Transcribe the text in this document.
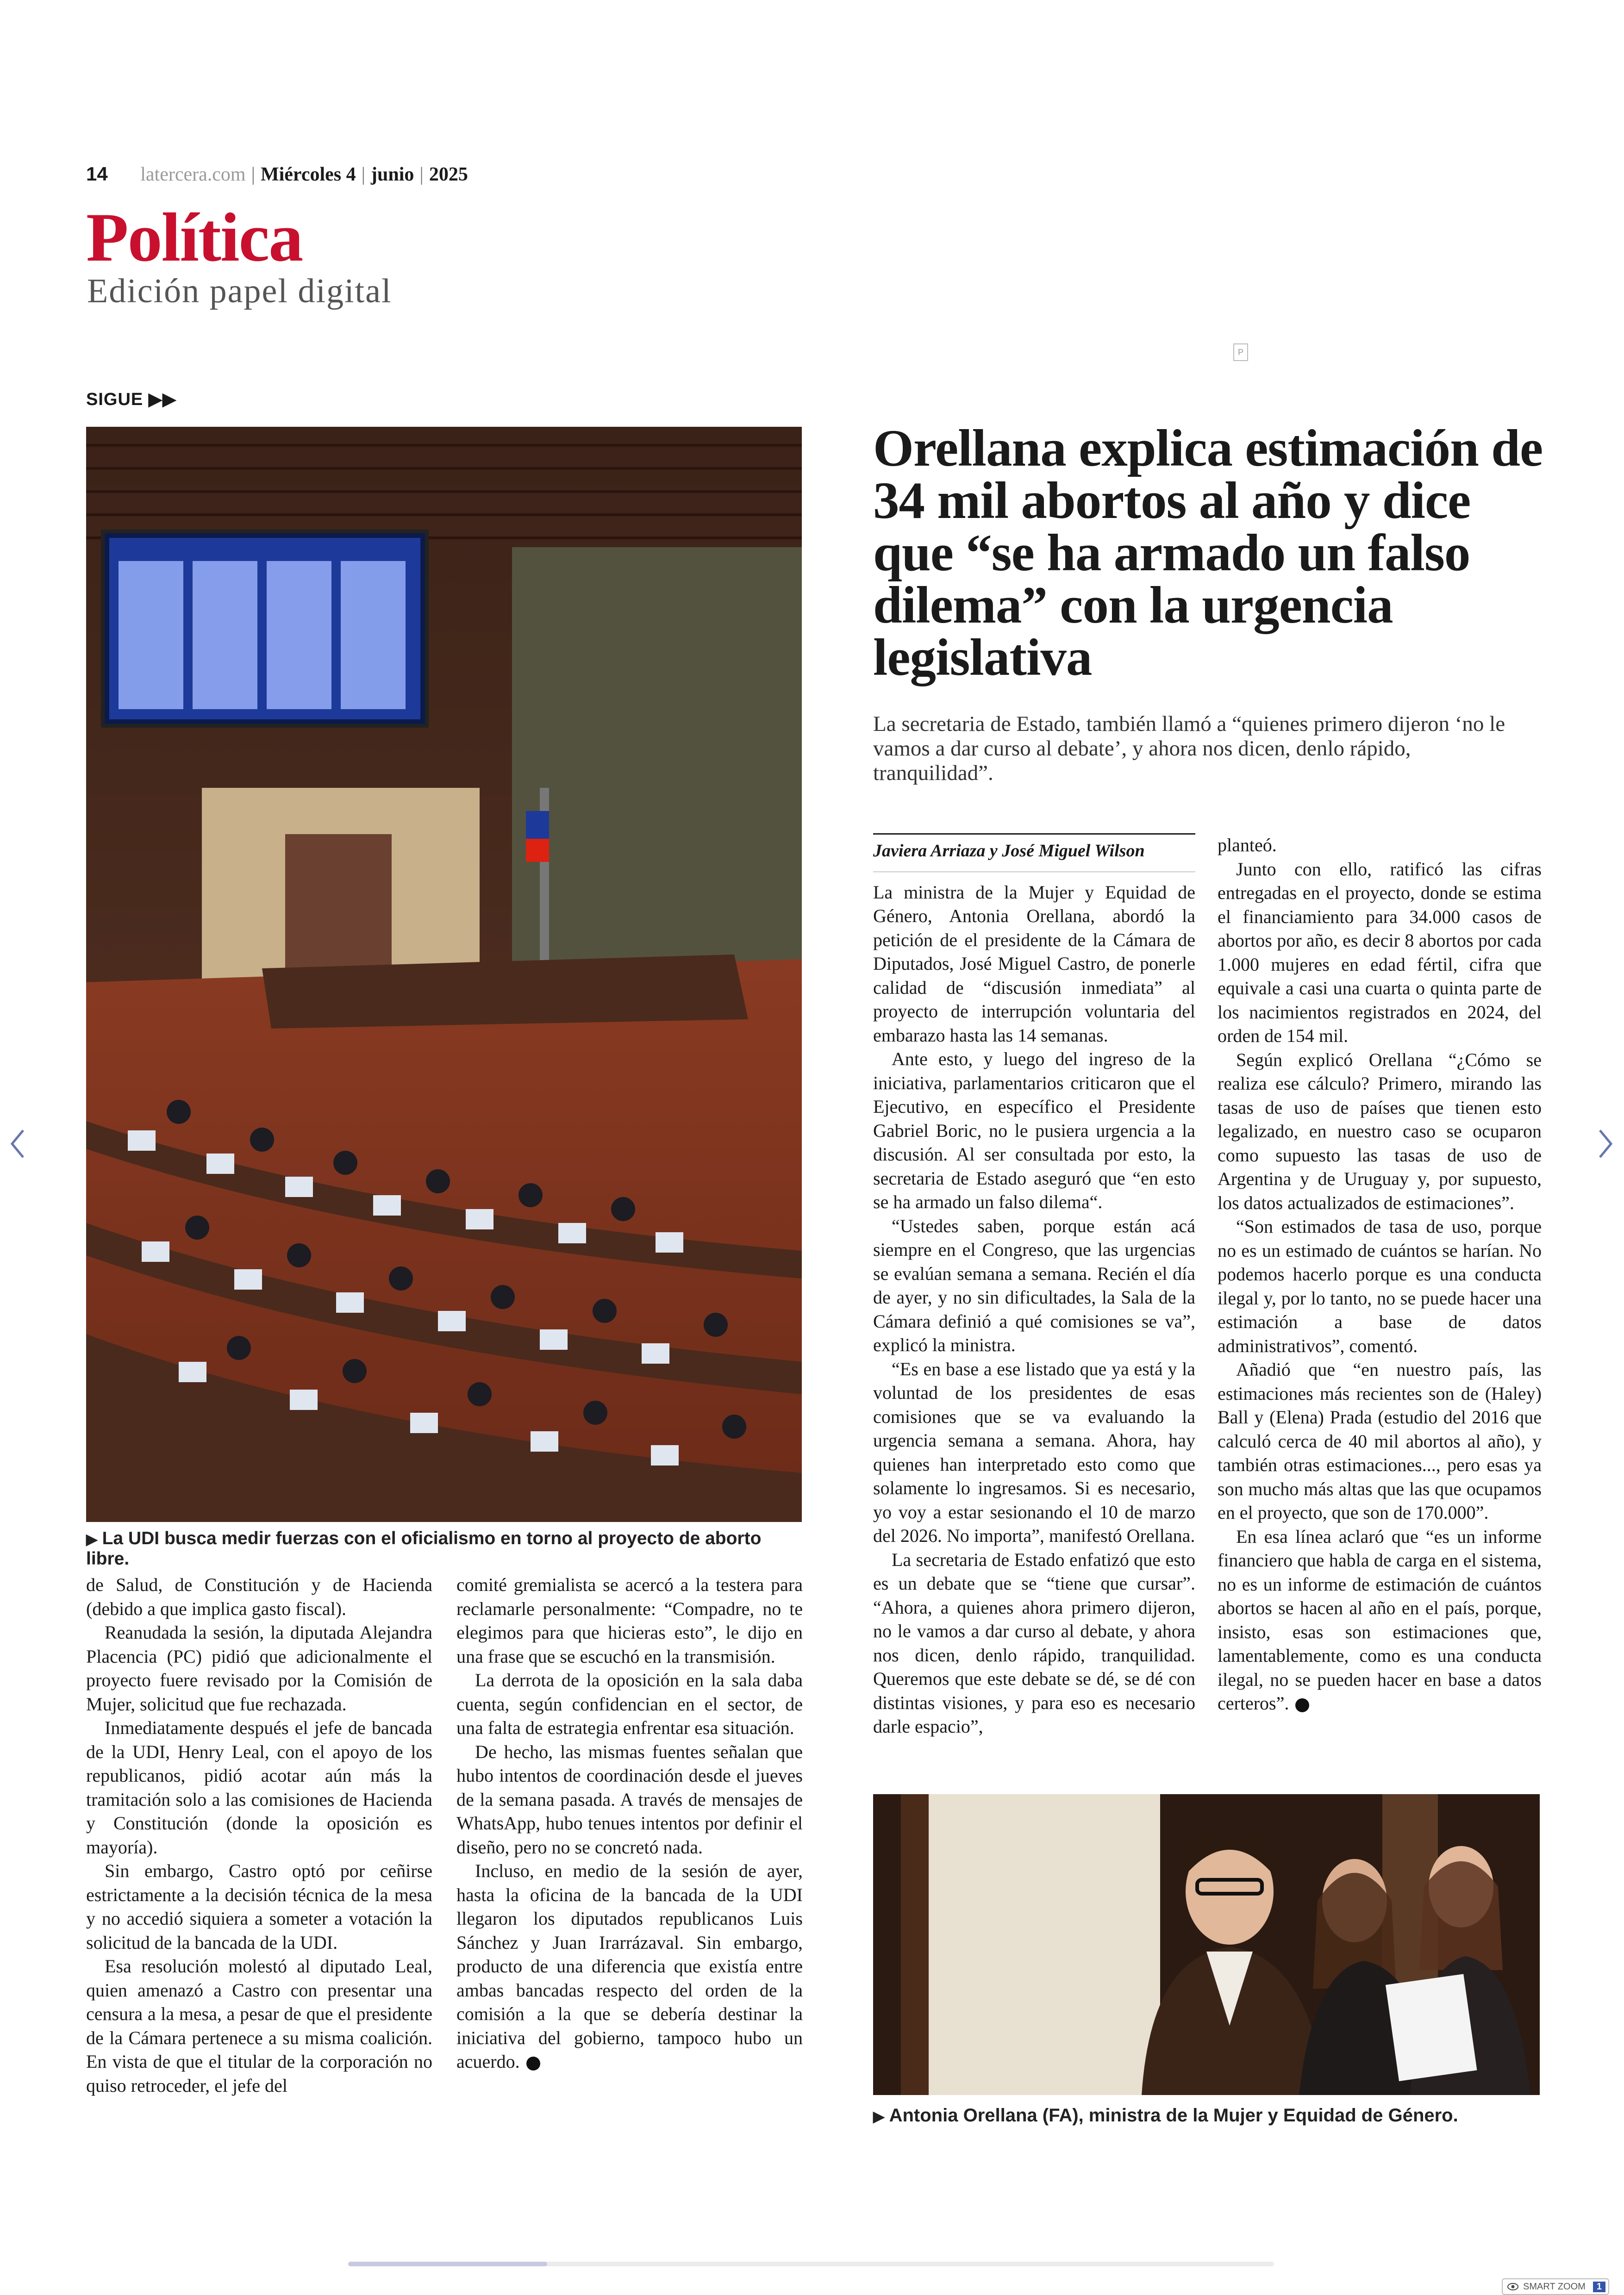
14 latercera.com | Miércoles 4 | junio | 2025
Política
Edición papel digital
P
SIGUE ▶▶
▶ La UDI busca medir fuerzas con el oficialismo en torno al proyecto de aborto libre.
Orellana explica estimación de 34 mil abortos al año y dice que “se ha armado un falso dilema” con la urgencia legislativa
La secretaria de Estado, también llamó a “quienes primero dijeron ‘no le vamos a dar curso al debate’, y ahora nos dicen, denlo rápido, tranquilidad”.
Javiera Arriaza y José Miguel Wilson

La ministra de la Mujer y Equidad de Género, Antonia Orellana, abordó la petición de el presidente de la Cámara de Diputados, José Miguel Castro, de ponerle calidad de “discusión inmediata” al proyecto de interrupción voluntaria del embarazo hasta las 14 semanas.

Ante esto, y luego del ingreso de la iniciativa, parlamentarios criticaron que el Ejecutivo, en específico el Presidente Gabriel Boric, no le pusiera urgencia a la discusión. Al ser consultada por esto, la secretaria de Estado aseguró que “en esto se ha armado un falso dilema“.

“Ustedes saben, porque están acá siempre en el Congreso, que las urgencias se evalúan semana a semana. Recién el día de ayer, y no sin dificultades, la Sala de la Cámara definió a qué comisiones se va”, explicó la ministra.

“Es en base a ese listado que ya está y la voluntad de los presidentes de esas comisiones que se va evaluando la urgencia semana a semana. Ahora, hay quienes han interpretado esto como que solamente lo ingresamos. Si es necesario, yo voy a estar sesionando el 10 de marzo del 2026. No importa”, manifestó Orellana.

La secretaria de Estado enfatizó que esto es un debate que se “tiene que cursar”. “Ahora, a quienes ahora primero dijeron, no le vamos a dar curso al debate, y ahora nos dicen, denlo rápido, tranquilidad. Queremos que este debate se dé, se dé con distintas visiones, y para eso es necesario darle espacio”,

planteó.

Junto con ello, ratificó las cifras entregadas en el proyecto, donde se estima el financiamiento para 34.000 casos de abortos por año, es decir 8 abortos por cada 1.000 mujeres en edad fértil, cifra que equivale a casi una cuarta o quinta parte de los nacimientos registrados en 2024, del orden de 154 mil.

Según explicó Orellana “¿Cómo se realiza ese cálculo? Primero, mirando las tasas de uso de países que tienen esto legalizado, en nuestro caso se ocuparon como supuesto las tasas de uso de Argentina y de Uruguay y, por supuesto, los datos actualizados de estimaciones”.

“Son estimados de tasa de uso, porque no es un estimado de cuántos se harían. No podemos hacerlo porque es una conducta ilegal y, por lo tanto, no se puede hacer una estimación a base de datos administrativos”, comentó.

Añadió que “en nuestro país, las estimaciones más recientes son de (Haley) Ball y (Elena) Prada (estudio del 2016 que calculó cerca de 40 mil abortos al año), y también otras estimaciones..., pero esas ya son mucho más altas que las que ocupamos en el proyecto, que son de 170.000”.

En esa línea aclaró que “es un informe financiero que habla de carga en el sistema, no es un informe de estimación de cuántos abortos se hacen al año en el país, porque, insisto, esas son estimaciones que, lamentablemente, como es una conducta ilegal, no se pueden hacer en base a datos certeros”.

de Salud, de Constitución y de Hacienda (debido a que implica gasto fiscal).

Reanudada la sesión, la diputada Alejandra Placencia (PC) pidió que adicionalmente el proyecto fuere revisado por la Comisión de Mujer, solicitud que fue rechazada.

Inmediatamente después el jefe de bancada de la UDI, Henry Leal, con el apoyo de los republicanos, pidió acotar aún más la tramitación solo a las comisiones de Hacienda y Constitución (donde la oposición es mayoría).

Sin embargo, Castro optó por ceñirse estrictamente a la decisión técnica de la mesa y no accedió siquiera a someter a votación la solicitud de la bancada de la UDI.

Esa resolución molestó al diputado Leal, quien amenazó a Castro con presentar una censura a la mesa, a pesar de que el presidente de la Cámara pertenece a su misma coalición. En vista de que el titular de la corporación no quiso retroceder, el jefe del

comité gremialista se acercó a la testera para reclamarle personalmente: “Compadre, no te elegimos para que hicieras esto”, le dijo en una frase que se escuchó en la transmisión.

La derrota de la oposición en la sala daba cuenta, según confidencian en el sector, de una falta de estrategia enfrentar esa situación.

De hecho, las mismas fuentes señalan que hubo intentos de coordinación desde el jueves de la semana pasada. A través de mensajes de WhatsApp, hubo tenues intentos por definir el diseño, pero no se concretó nada.

Incluso, en medio de la sesión de ayer, hasta la oficina de la bancada de la UDI llegaron los diputados republicanos Luis Sánchez y Juan Irarrázaval. Sin embargo, producto de una diferencia que existía entre ambas bancadas respecto del orden de la comisión a la que se debería destinar la iniciativa del gobierno, tampoco hubo un acuerdo.

▶ Antonia Orellana (FA), ministra de la Mujer y Equidad de Género.
SMART ZOOM	1
